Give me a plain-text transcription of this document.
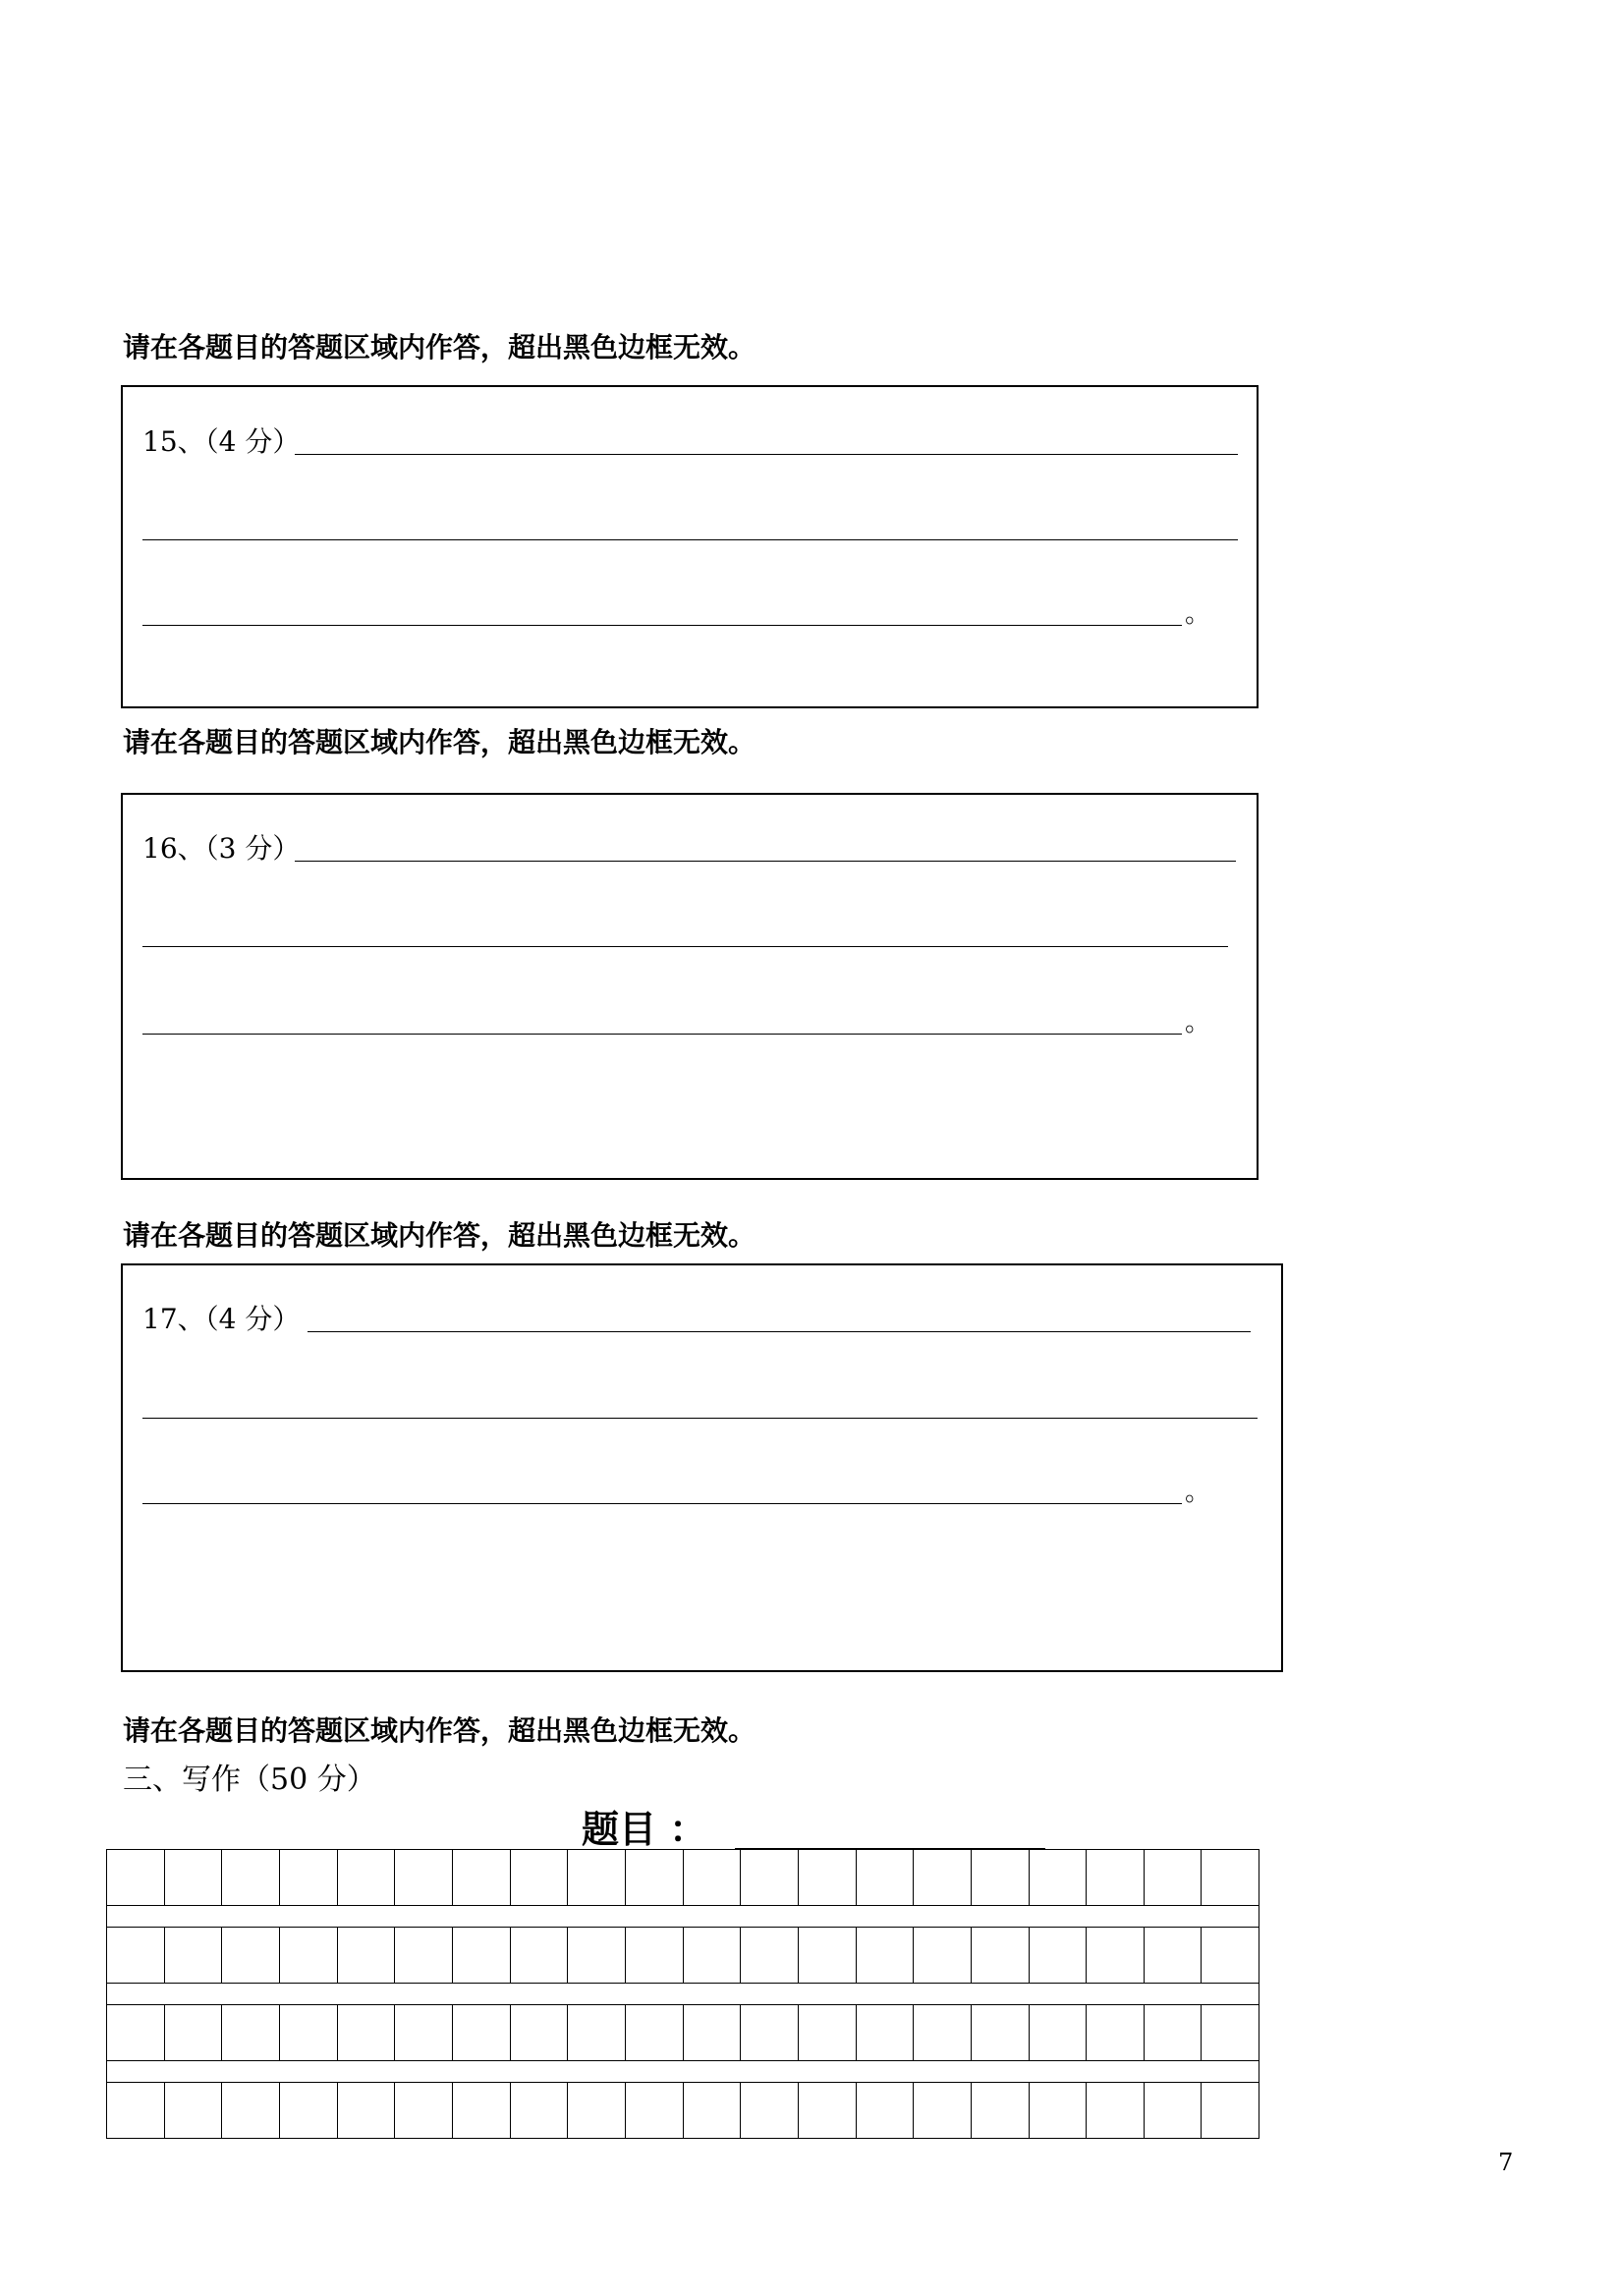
请在各题目的答题区域内作答，超出黑色边框无效。
15、（4 分）
。
请在各题目的答题区域内作答，超出黑色边框无效。
16、（3 分）
。
请在各题目的答题区域内作答，超出黑色边框无效。
17、（4 分）
。
请在各题目的答题区域内作答，超出黑色边框无效。
三、写作（50 分）
题目 ：
7
